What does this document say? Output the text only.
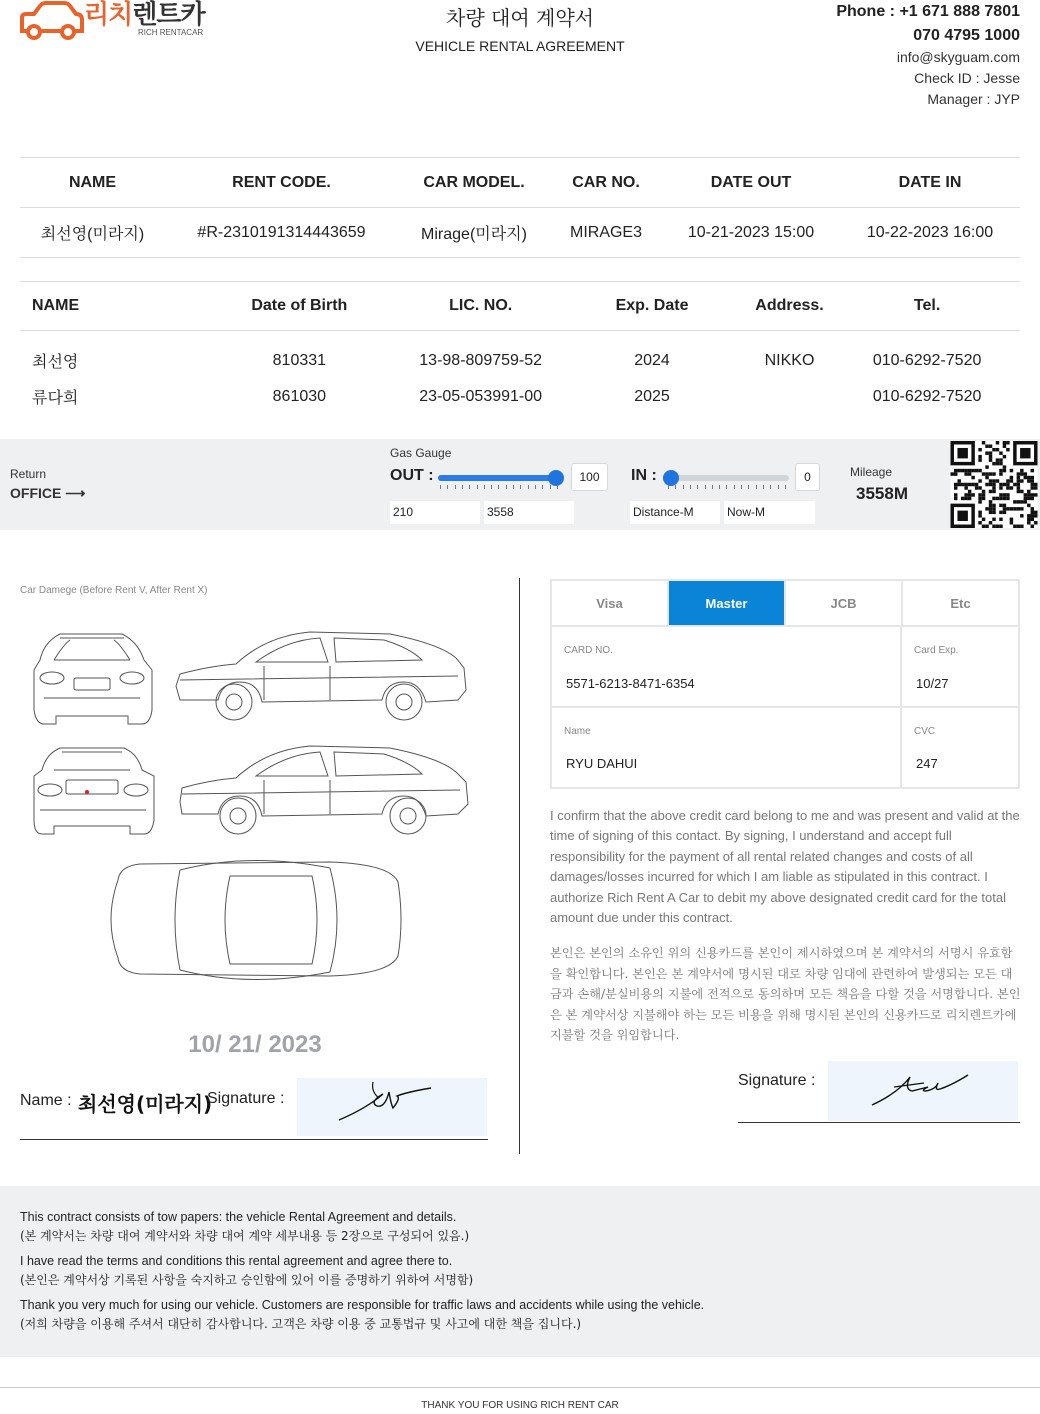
리치렌트카
RICH RENTACAR
차량 대여 계약서
VEHICLE RENTAL AGREEMENT
Phone : +1 671 888 7801
070 4795 1000
info@skyguam.com
Check ID : Jesse
Manager : JYP
NAME	RENT CODE.	CAR MODEL.	CAR NO.	DATE OUT	DATE IN
최선영(미라지)	#R-2310191314443659	Mirage(미라지)	MIRAGE3	10-21-2023 15:00	10-22-2023 16:00
NAME	Date of Birth	LIC. NO.	Exp. Date	Address.	Tel.
최선영	810331	13-98-809759-52	2024	NIKKO	010-6292-7520
류다희	861030	23-05-053991-00	2025		010-6292-7520
Return
OFFICE ⟶
Gas Gauge
OUT :	100	IN :	0
210	3558	Distance-M	Now-M
Mileage
3558M
Car Damege (Before Rent V, After Rent X)
10/ 21/ 2023
Name : 최선영(미라지)
Signature :
Visa	Master	JCB	Etc
CARD NO.
5571-6213-8471-6354
Card Exp.
10/27
Name
RYU DAHUI
CVC
247
I confirm that the above credit card belong to me and was present and valid at the time of signing of this contact. By signing, I understand and accept full responsibility for the payment of all rental related changes and costs of all damages/losses incurred for which I am liable as stipulated in this contract. I authorize Rich Rent A Car to debit my above designated credit card for the total amount due under this contract.
본인은 본인의 소유인 위의 신용카드를 본인이 제시하였으며 본 계약서의 서명시 유효함을 확인합니다. 본인은 본 계약서에 명시된 대로 차량 임대에 관련하여 발생되는 모든 대금과 손해/분실비용의 지불에 전적으로 동의하며 모든 책음을 다할 것을 서명합니다. 본인은 본 계약서상 지불해야 하는 모든 비용을 위해 명시된 본인의 신용카드로 리치렌트카에 지불할 것을 위임합니다.
Signature :
This contract consists of tow papers: the vehicle Rental Agreement and details.
(본 계약서는 차량 대여 계약서와 차량 대여 계약 세부내용 등 2장으로 구성되어 있음.)
I have read the terms and conditions this rental agreement and agree there to.
(본인은 계약서상 기록된 사항을 숙지하고 승인함에 있어 이를 증명하기 위하여 서명함)
Thank you very much for using our vehicle. Customers are responsible for traffic laws and accidents while using the vehicle.
(저희 차량을 이용해 주셔서 대단히 감사합니다. 고객은 차량 이용 중 교통법규 및 사고에 대한 책을 집니다.)
THANK YOU FOR USING RICH RENT CAR
